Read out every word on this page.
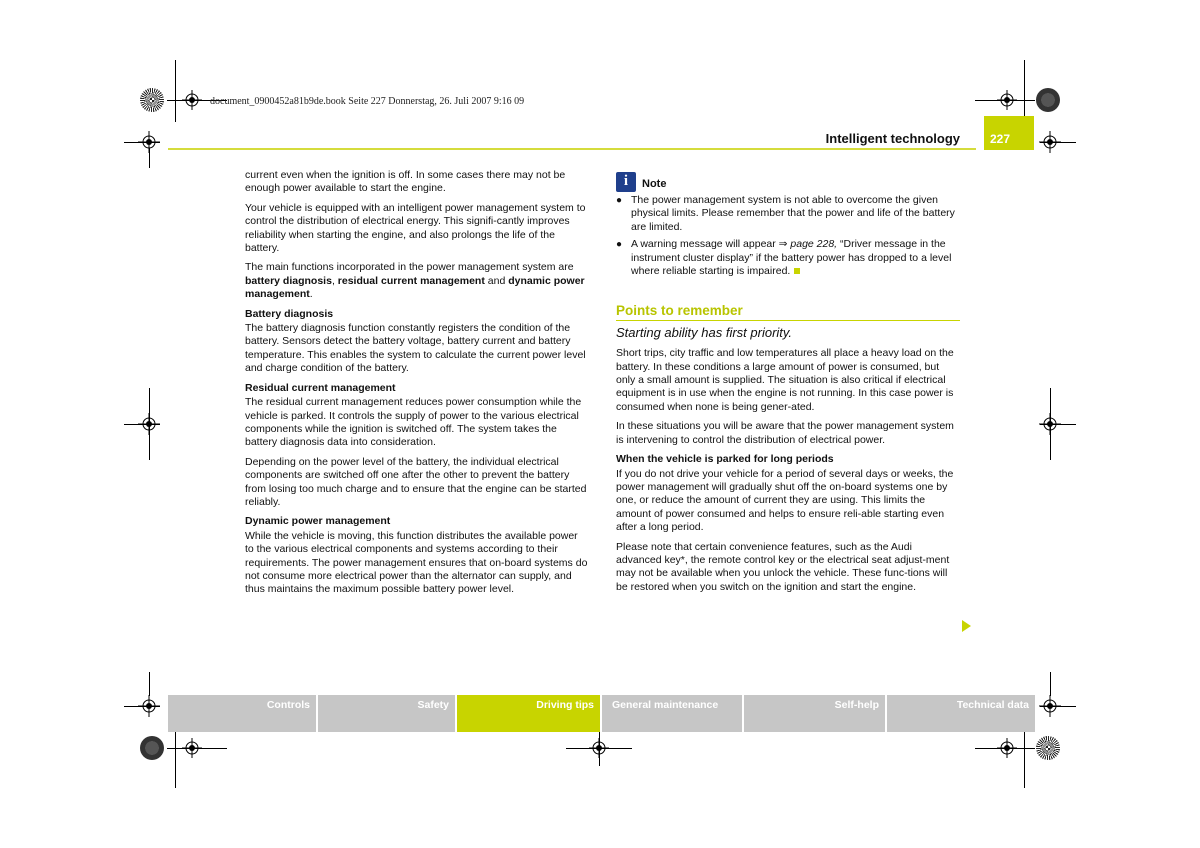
document_0900452a81b9de.book Seite 227 Donnerstag, 26. Juli 2007 9:16 09
Intelligent technology	227

current even when the ignition is off. In some cases there may not be enough power available to start the engine.

Your vehicle is equipped with an intelligent power management system to control the distribution of electrical energy. This signifi-cantly improves reliability when starting the engine, and also prolongs the life of the battery.

The main functions incorporated in the power management system are battery diagnosis, residual current management and dynamic power management.

Battery diagnosis

The battery diagnosis function constantly registers the condition of the battery. Sensors detect the battery voltage, battery current and battery temperature. This enables the system to calculate the current power level and charge condition of the battery.

Residual current management

The residual current management reduces power consumption while the vehicle is parked. It controls the supply of power to the various electrical components while the ignition is switched off. The system takes the battery diagnosis data into consideration.

Depending on the power level of the battery, the individual electrical components are switched off one after the other to prevent the battery from losing too much charge and to ensure that the engine can be started reliably.

Dynamic power management

While the vehicle is moving, this function distributes the available power to the various electrical components and systems according to their requirements. The power management ensures that on-board systems do not consume more electrical power than the alternator can supply, and thus maintains the maximum possible battery power level.

i	Note
● The power management system is not able to overcome the given physical limits. Please remember that the power and life of the battery are limited.
● A warning message will appear ⇒ page 228, “Driver message in the instrument cluster display” if the battery power has dropped to a level where reliable starting is impaired.
Points to remember
Starting ability has first priority.

Short trips, city traffic and low temperatures all place a heavy load on the battery. In these conditions a large amount of power is consumed, but only a small amount is supplied. The situation is also critical if electrical equipment is in use when the engine is not running. In this case power is consumed when none is being gener-ated.

In these situations you will be aware that the power management system is intervening to control the distribution of electrical power.

When the vehicle is parked for long periods

If you do not drive your vehicle for a period of several days or weeks, the power management will gradually shut off the on-board systems one by one, or reduce the amount of current they are using. This limits the amount of power consumed and helps to ensure reli-able starting even after a long period.

Please note that certain convenience features, such as the Audi advanced key*, the remote control key or the electrical seat adjust-ment may not be available when you unlock the vehicle. These func-tions will be restored when you switch on the ignition and start the engine.

Controls	Safety	Driving tips	General maintenance	Self-help	Technical data
